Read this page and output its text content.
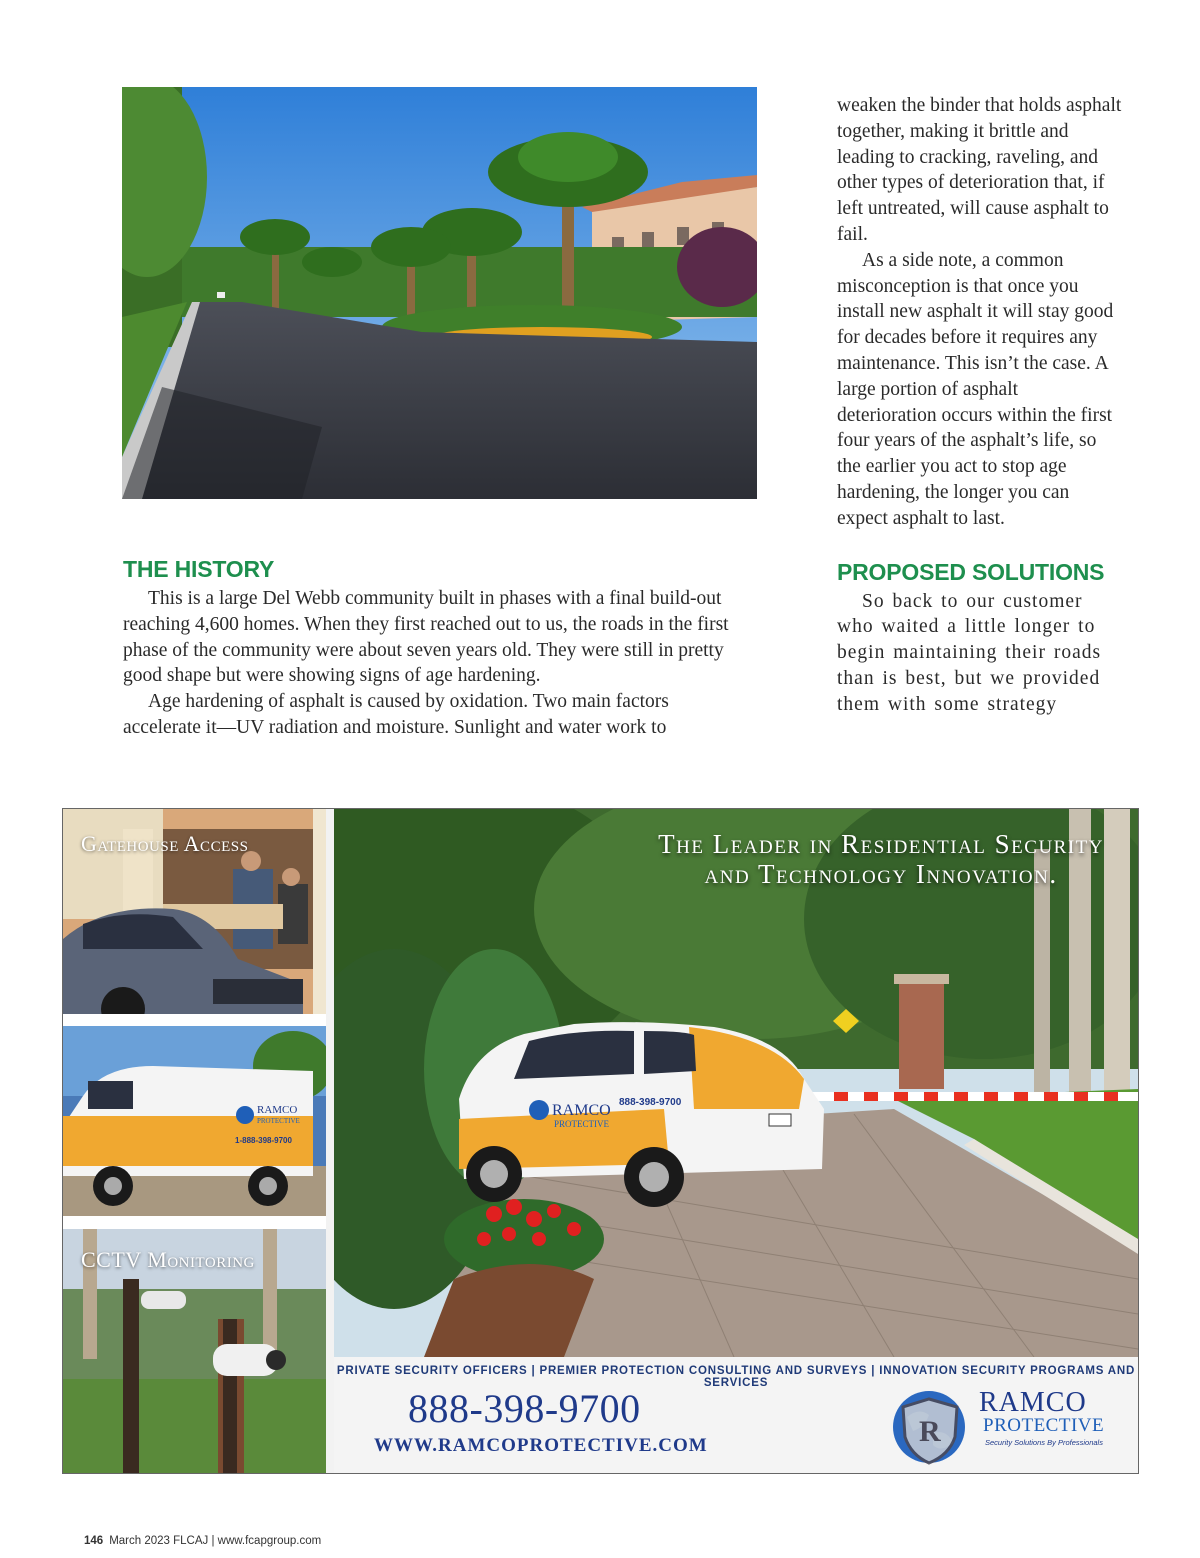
THE HISTORY

This is a large Del Webb community built in phases with a final build-out reaching 4,600 homes. When they first reached out to us, the roads in the first phase of the community were about seven years old. They were still in pretty good shape but were showing signs of age hardening.

Age hardening of asphalt is caused by oxidation. Two main factors accelerate it—UV radiation and moisture. Sunlight and water work to

weaken the binder that holds asphalt together, making it brittle and leading to cracking, raveling, and other types of deterioration that, if left untreated, will cause asphalt to fail.

As a side note, a common misconception is that once you install new asphalt it will stay good for decades before it requires any maintenance. This isn’t the case. A large portion of asphalt deterioration occurs within the first four years of the asphalt’s life, so the earlier you act to stop age hardening, the longer you can expect asphalt to last.

PROPOSED SOLUTIONS

So back to our customer who waited a little longer to begin maintaining their roads than is best, but we provided them with some strategy

Gatehouse Access
RAMCO
PROTECTIVE
1-888-398-9700
CCTV Monitoring
RAMCO
PROTECTIVE
888-398-9700
The Leader in Residential Security
and Technology Innovation.
PRIVATE SECURITY OFFICERS | PREMIER PROTECTION CONSULTING AND SURVEYS | INNOVATION SECURITY PROGRAMS AND SERVICES
888-398-9700
WWW.RAMCOPROTECTIVE.COM	R
RAMCO
PROTECTIVE
Security Solutions By Professionals
146 March 2023 FLCAJ | www.fcapgroup.com
